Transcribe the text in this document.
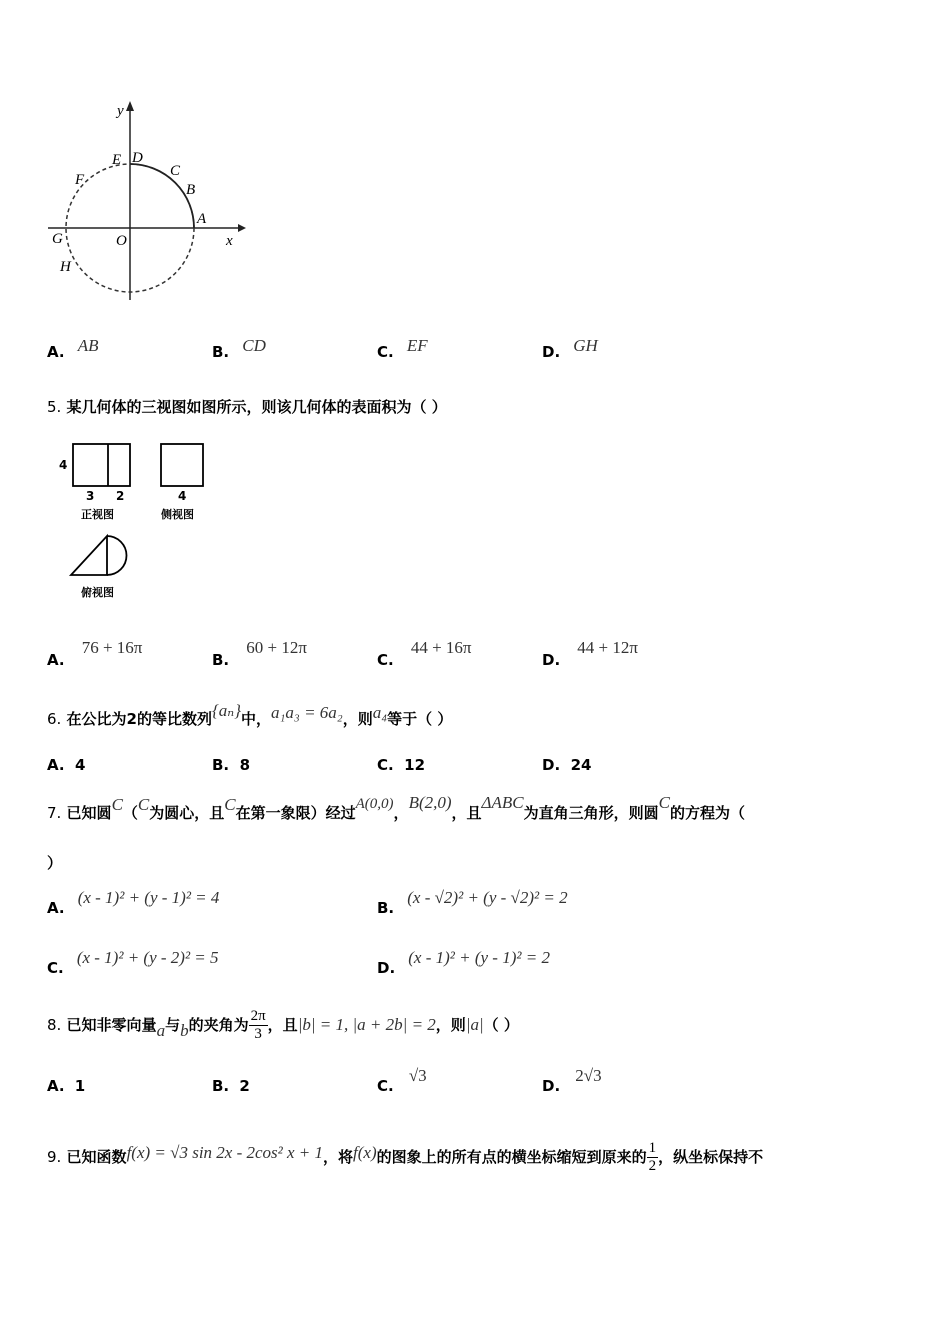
y
x
O
A
B
C
D
E
F
G
H
A. AB	B. CD	C. EF	D. GH
5. 某几何体的三视图如图所示，则该几何体的表面积为（ ）
4
3 2
正视图
4
侧视图
俯视图
A. 76 + 16π
B. 60 + 12π
C. 44 + 16π
D. 44 + 12π
6. 在公比为2的等比数列{aₙ}中，a₁a₃ = 6a₂，则a₄等于（ ）
A. 4	B. 8	C. 12	D. 24
7. 已知圆C（C为圆心，且C在第一象限）经过A(0,0)，B(2,0)，且ΔABC为直角三角形，则圆C的方程为（
）
A. (x - 1)² + (y - 1)² = 4
B. (x - √2)² + (y - √2)² = 2
C. (x - 1)² + (y - 2)² = 5
D. (x - 1)² + (y - 1)² = 2
8. 已知非零向量a与b的夹角为 $\frac{2\pi}{3}$ ，且|b| = 1, |a + 2b| = 2，则|a|（ ）
A. 1	B. 2	C. √3
D. 2√3
9. 已知函数f(x) = √3 sin 2x - 2cos² x + 1，将f(x)的图象上的所有点的横坐标缩短到原来的 $\frac{1}{2}$ ，纵坐标保持不
